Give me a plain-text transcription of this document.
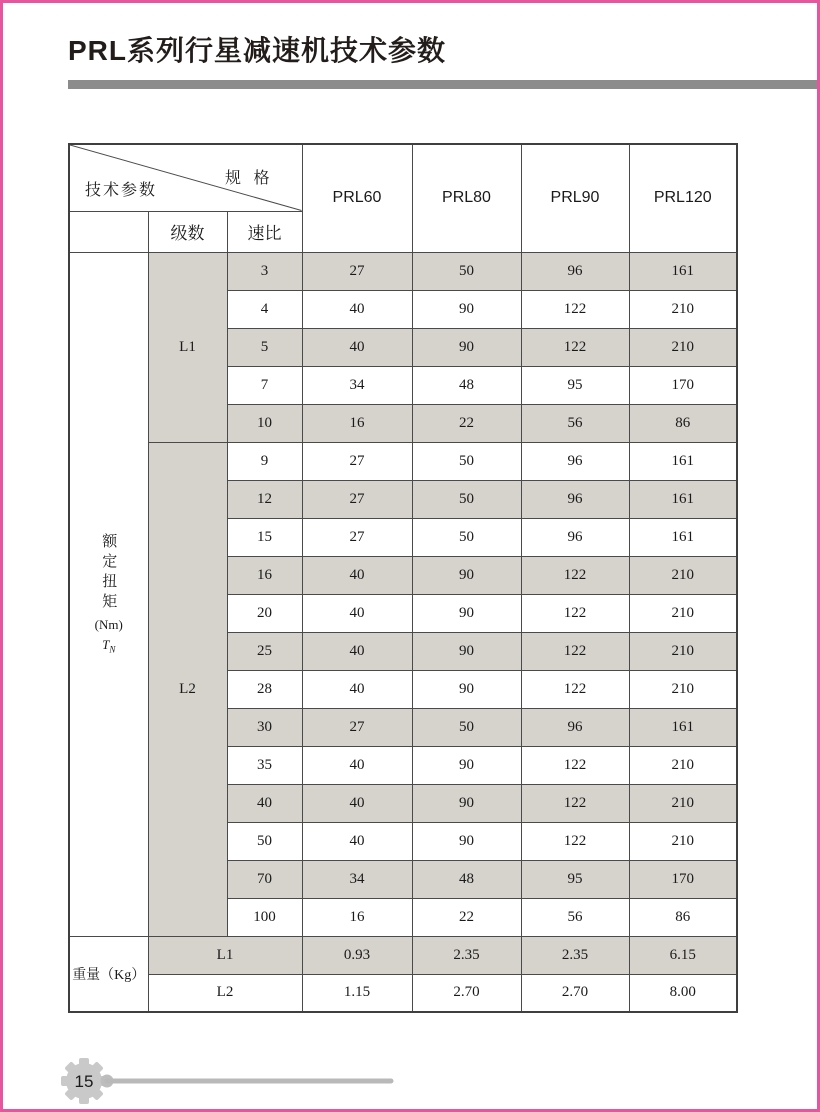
PRL系列行星减速机技术参数
规 格
技术参数			PRL60	PRL80	PRL90	PRL120
	级数	速比				

额定扭矩
(Nm)
$T_N$	L1	3	27	50	96	161
		4	40	90	122	210
		5	40	90	122	210
		7	34	48	95	170
		10	16	22	56	86
	L2	9	27	50	96	161
		12	27	50	96	161
		15	27	50	96	161
		16	40	90	122	210
		20	40	90	122	210
		25	40	90	122	210
		28	40	90	122	210
		30	27	50	96	161
		35	40	90	122	210
		40	40	90	122	210
		50	40	90	122	210
		70	34	48	95	170
		100	16	22	56	86
重量（Kg）	L1		0.93	2.35	2.35	6.15
	L2		1.15	2.70	2.70	8.00
15
